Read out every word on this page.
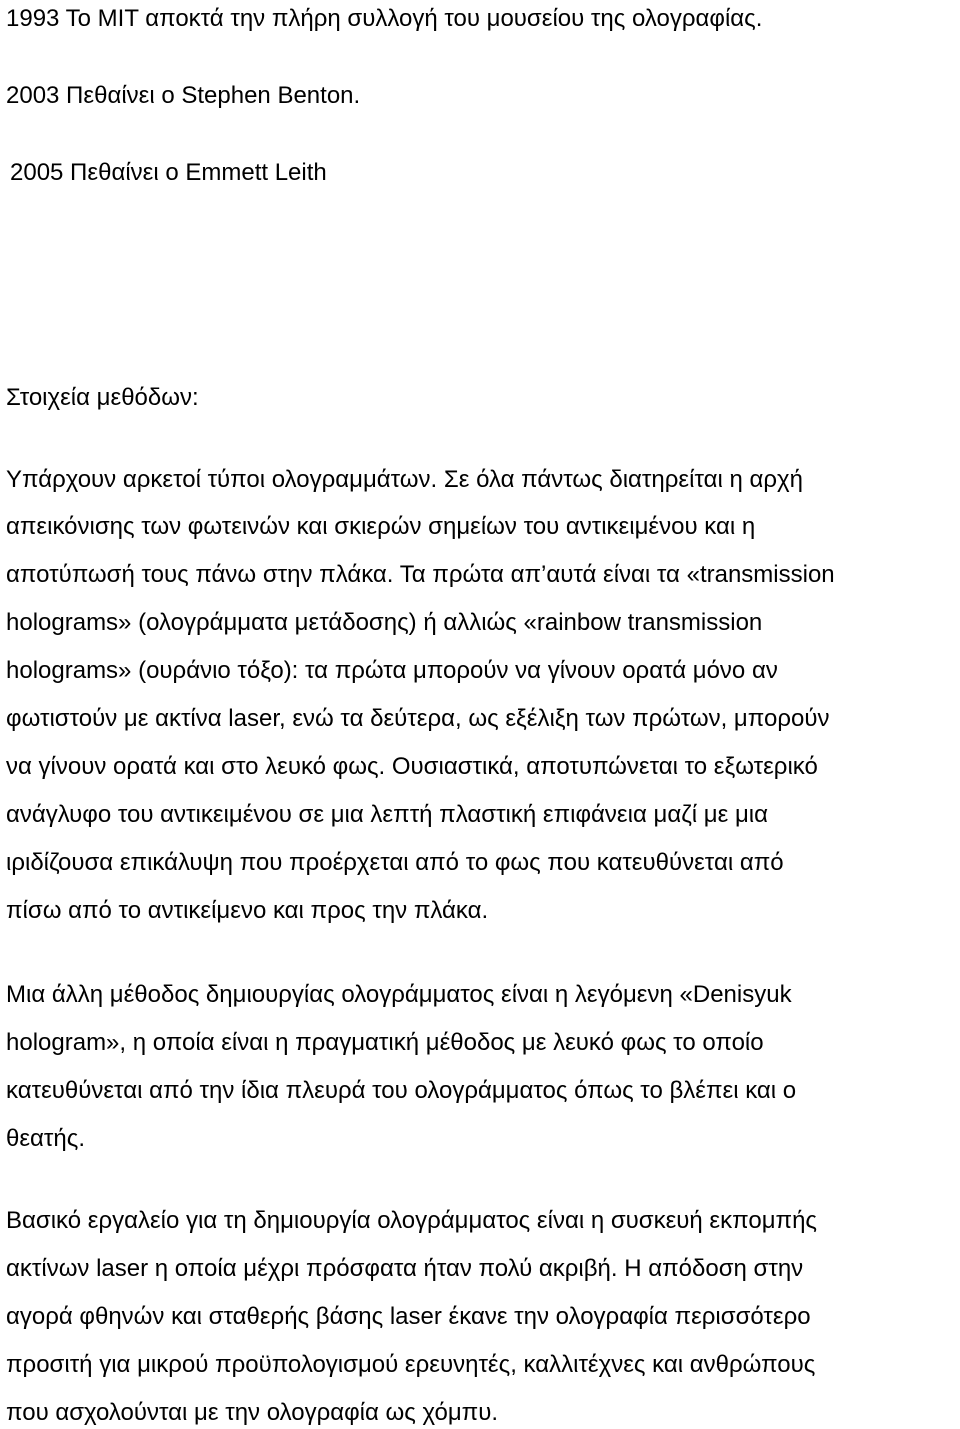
1993 Το MIT αποκτά την πλήρη συλλογή του μουσείου της ολογραφίας.

2003 Πεθαίνει ο Stephen Benton.

2005 Πεθαίνει ο Emmett Leith

Στοιχεία μεθόδων:

Υπάρχουν αρκετοί τύποι ολογραμμάτων. Σε όλα πάντως διατηρείται η αρχή

απεικόνισης των φωτεινών και σκιερών σημείων του αντικειμένου και η

αποτύπωσή τους πάνω στην πλάκα. Τα πρώτα απ’αυτά είναι τα «transmission

holograms» (ολογράμματα μετάδοσης) ή αλλιώς «rainbow transmission

holograms» (ουράνιο τόξο): τα πρώτα μπορούν να γίνουν ορατά μόνο αν

φωτιστούν με ακτίνα laser, ενώ τα δεύτερα, ως εξέλιξη των πρώτων, μπορούν

να γίνουν ορατά και στο λευκό φως. Ουσιαστικά, αποτυπώνεται το εξωτερικό

ανάγλυφο του αντικειμένου σε μια λεπτή πλαστική επιφάνεια μαζί με μια

ιριδίζουσα επικάλυψη που προέρχεται από το φως που κατευθύνεται από

πίσω από το αντικείμενο και προς την πλάκα.

Μια άλλη μέθοδος δημιουργίας ολογράμματος είναι η λεγόμενη «Denisyuk

hologram», η οποία είναι η πραγματική μέθοδος με λευκό φως το οποίο

κατευθύνεται από την ίδια πλευρά του ολογράμματος όπως το βλέπει και ο

θεατής.

Βασικό εργαλείο για τη δημιουργία ολογράμματος είναι η συσκευή εκπομπής

ακτίνων laser η οποία μέχρι πρόσφατα ήταν πολύ ακριβή. Η απόδοση στην

αγορά φθηνών και σταθερής βάσης laser έκανε την ολογραφία περισσότερο

προσιτή για μικρού προϋπολογισμού ερευνητές, καλλιτέχνες και ανθρώπους

που ασχολούνται με την ολογραφία ως χόμπυ.
